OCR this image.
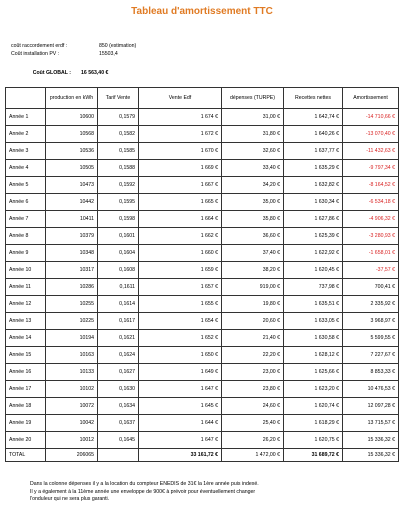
Tableau d'amortissement TTC
coût raccordement erdf :	850 (estimation)
Coût installation PV :	15503,4
Coût GLOBAL : 16 563,40 €
	production en kWh	Tarif Vente	Vente Edf	dépenses (TURPE)	Recettes nettes	Amortissement
Année 1	10600	0,1579	1 674 €	31,00 €	1 642,74 €	-14 710,66 €
Année 2	10568	0,1582	1 672 €	31,80 €	1 640,26 €	-13 070,40 €
Année 3	10536	0,1585	1 670 €	32,60 €	1 637,77 €	-11 432,63 €
Année 4	10505	0,1588	1 669 €	33,40 €	1 635,29 €	-9 797,34 €
Année 5	10473	0,1592	1 667 €	34,20 €	1 632,82 €	-8 164,52 €
Année 6	10442	0,1595	1 665 €	35,00 €	1 630,34 €	-6 534,18 €
Année 7	10411	0,1598	1 664 €	35,80 €	1 627,86 €	-4 906,32 €
Année 8	10379	0,1601	1 662 €	36,60 €	1 625,39 €	-3 280,93 €
Année 9	10348	0,1604	1 660 €	37,40 €	1 622,92 €	-1 658,01 €
Année 10	10317	0,1608	1 659 €	38,20 €	1 620,45 €	-37,57 €
Année 11	10286	0,1611	1 657 €	919,00 €	737,98 €	700,41 €
Année 12	10255	0,1614	1 655 €	19,80 €	1 635,51 €	2 335,92 €
Année 13	10225	0,1617	1 654 €	20,60 €	1 633,05 €	3 968,97 €
Année 14	10194	0,1621	1 652 €	21,40 €	1 630,58 €	5 599,55 €
Année 15	10163	0,1624	1 650 €	22,20 €	1 628,12 €	7 227,67 €
Année 16	10133	0,1627	1 649 €	23,00 €	1 625,66 €	8 853,33 €
Année 17	10102	0,1630	1 647 €	23,80 €	1 623,20 €	10 476,53 €
Année 18	10072	0,1634	1 645 €	24,60 €	1 620,74 €	12 097,28 €
Année 19	10042	0,1637	1 644 €	25,40 €	1 618,29 €	13 715,57 €
Année 20	10012	0,1645	1 647 €	26,20 €	1 620,75 €	15 336,32 €
TOTAL	206065		33 161,72 €	1 472,00 €	31 689,72 €	15 336,32 €
Dans la colonne dépenses il y a la location du compteur ENEDIS de 31€ la 1ère année puis indexé.
Il y a également à la 11ème année une enveloppe de 900€ à prévoir pour éventuellement changer
l'onduleur qui ne sera plus garanti.
